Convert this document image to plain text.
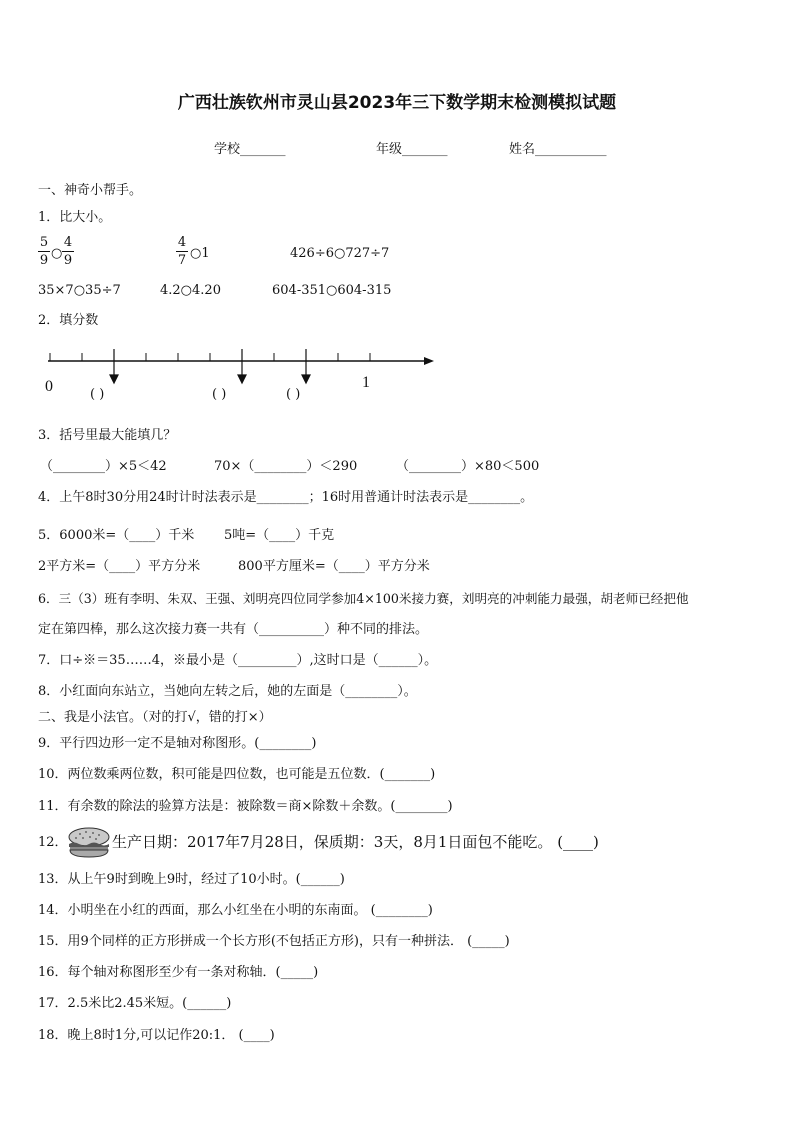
广西壮族钦州市灵山县2023年三下数学期末检测模拟试题
学校_______	年级_______	姓名___________
一、神奇小帮手。
1．比大小。
5
9 ○
4
9
4
7 ○1	426÷6○727÷7
35×7○35÷7	4.2○4.20	604-351○604-315
2．填分数
0	1
( )	( )	( )
3．括号里最大能填几？
（________）×5＜42	70×（________）＜290	（________）×80＜500
4．上午8时30分用24时计时法表示是________；16时用普通计时法表示是________。
5．6000米=（____）千米 5吨=（____）千克
2平方米=（____）平方分米	800平方厘米=（____）平方分米
6．三（3）班有李明、朱双、王强、刘明亮四位同学参加4×100米接力赛，刘明亮的冲刺能力最强，胡老师已经把他
定在第四棒，那么这次接力赛一共有（__________）种不同的排法。
7．口÷※＝35……4，※最小是（_________）,这时口是（______）。
8．小红面向东站立，当她向左转之后，她的左面是（________）。
二、我是小法官。（对的打√，错的打×）
9．平行四边形一定不是轴对称图形。(________)
10．两位数乘两位数，积可能是四位数，也可能是五位数．(_______)
11．有余数的除法的验算方法是：被除数＝商×除数＋余数。(________)
12．	生产日期：2017年7月28日，保质期：3天，8月1日面包不能吃。 (____)
13．从上午9时到晚上9时，经过了10小时。(______)
14．小明坐在小红的西面，那么小红坐在小明的东南面。 (________)
15．用9个同样的正方形拼成一个长方形(不包括正方形)，只有一种拼法． (_____)
16．每个轴对称图形至少有一条对称轴．(_____)
17．2.5米比2.45米短。(______)
18．晚上8时1分,可以记作20:1． (____)
